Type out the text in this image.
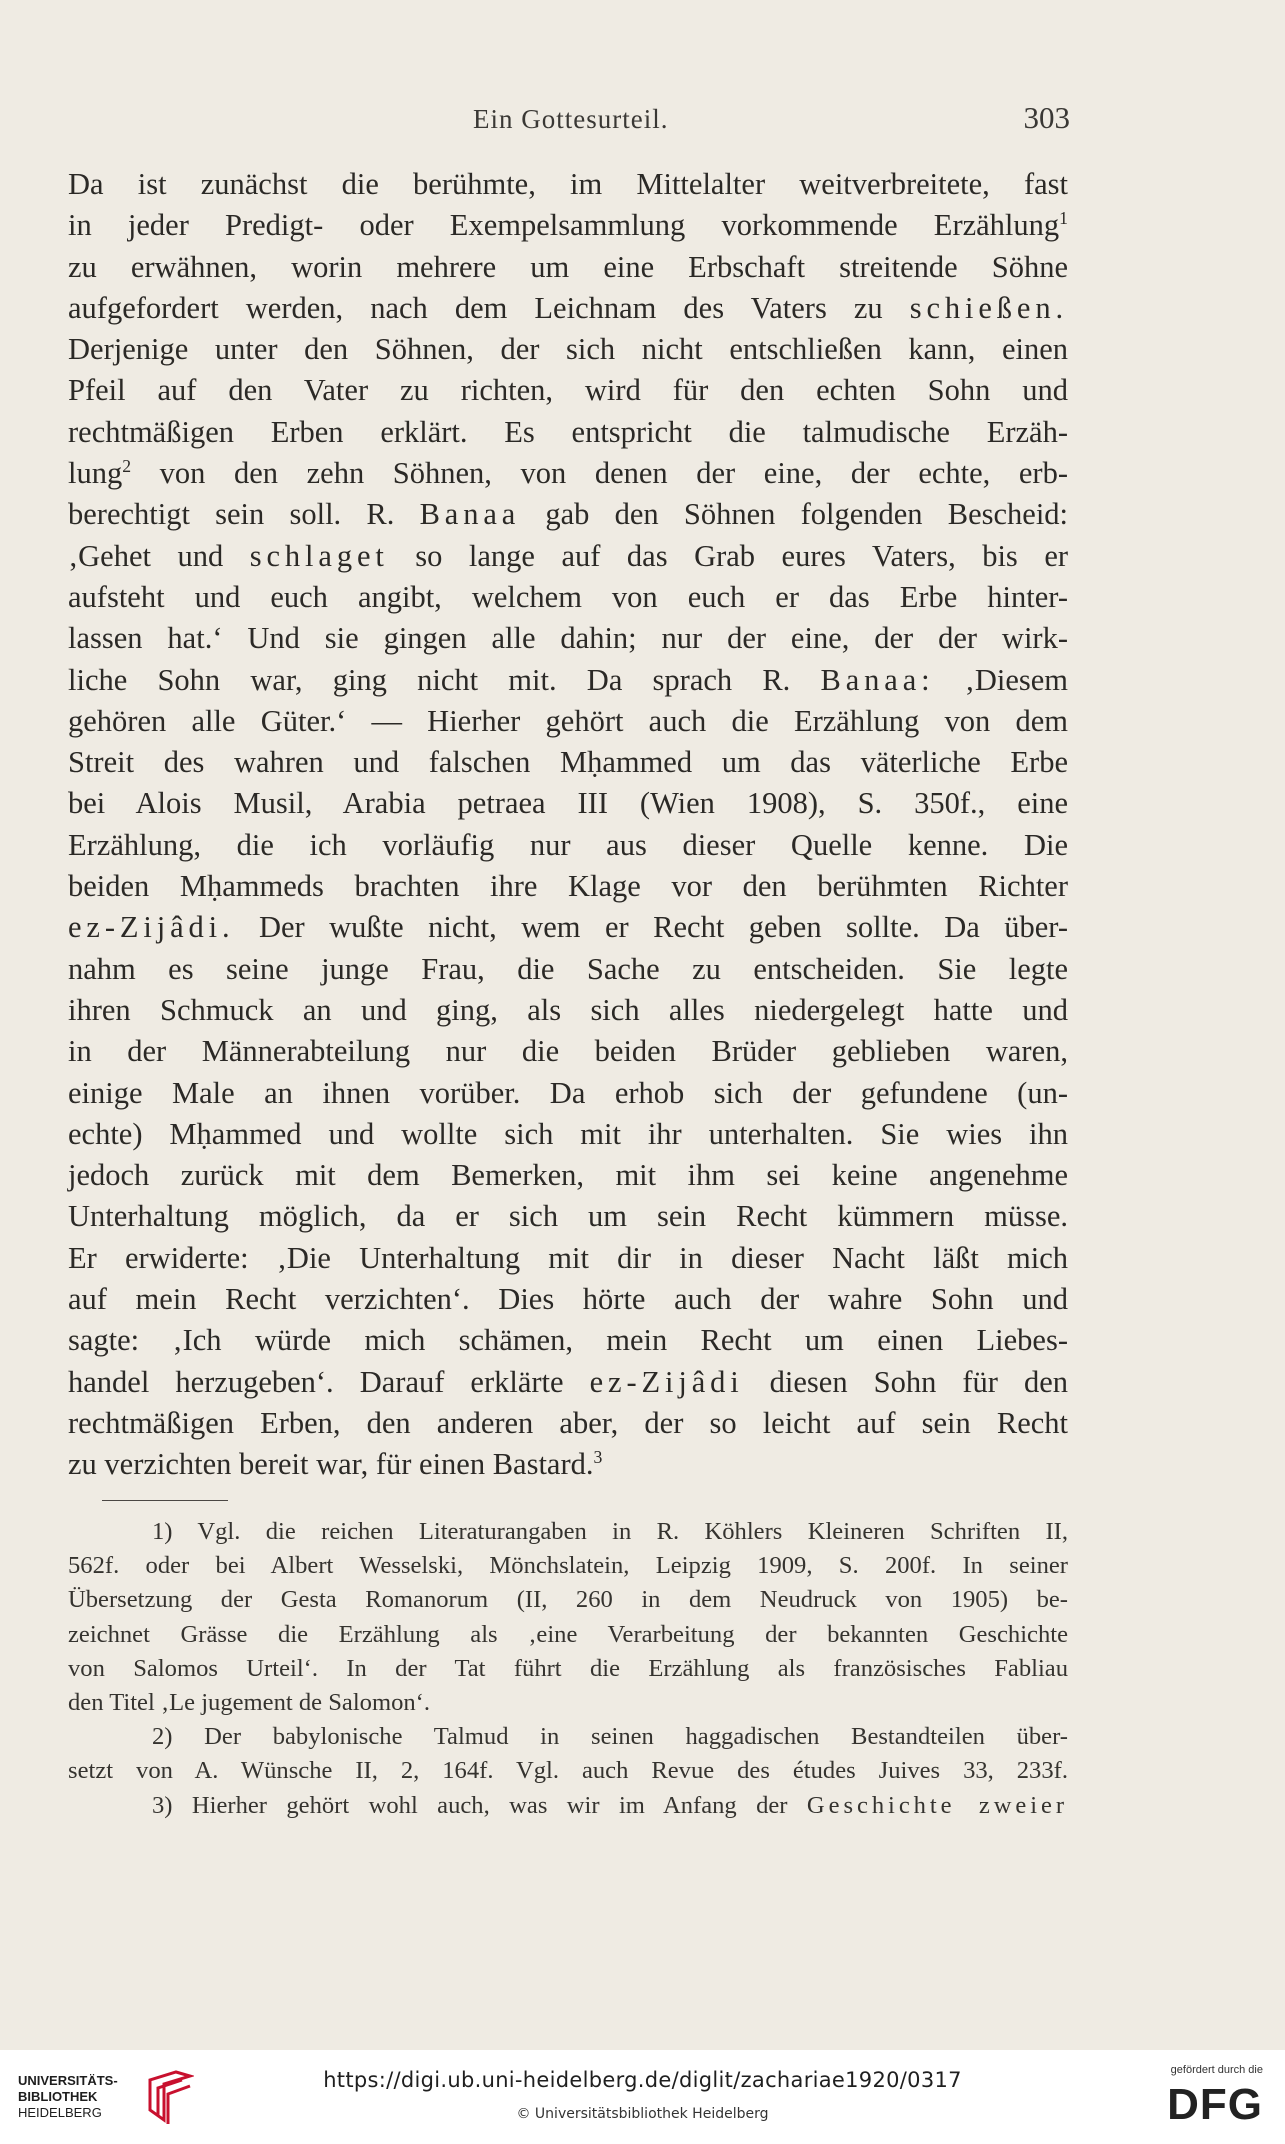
Ein Gottesurteil.	303
Da ist zunächst die berühmte, im Mittelalter weitverbreitete, fast
in jeder Predigt- oder Exempelsammlung vorkommende Erzählung$^1$
zu erwähnen, worin mehrere um eine Erbschaft streitende Söhne
aufgefordert werden, nach dem Leichnam des Vaters zu schießen.
Derjenige unter den Söhnen, der sich nicht entschließen kann, einen
Pfeil auf den Vater zu richten, wird für den echten Sohn und
rechtmäßigen Erben erklärt. Es entspricht die talmudische Erzäh-
lung$^2$ von den zehn Söhnen, von denen der eine, der echte, erb-
berechtigt sein soll. R. Banaa gab den Söhnen folgenden Bescheid:
‚Gehet und schlaget so lange auf das Grab eures Vaters, bis er
aufsteht und euch angibt, welchem von euch er das Erbe hinter-
lassen hat.‘ Und sie gingen alle dahin; nur der eine, der der wirk-
liche Sohn war, ging nicht mit. Da sprach R. Banaa: ‚Diesem
gehören alle Güter.‘ — Hierher gehört auch die Erzählung von dem
Streit des wahren und falschen Mḥammed um das väterliche Erbe
bei Alois Musil, Arabia petraea III (Wien 1908), S. 350f., eine
Erzählung, die ich vorläufig nur aus dieser Quelle kenne. Die
beiden Mḥammeds brachten ihre Klage vor den berühmten Richter
ez-Zijâdi. Der wußte nicht, wem er Recht geben sollte. Da über-
nahm es seine junge Frau, die Sache zu entscheiden. Sie legte
ihren Schmuck an und ging, als sich alles niedergelegt hatte und
in der Männerabteilung nur die beiden Brüder geblieben waren,
einige Male an ihnen vorüber. Da erhob sich der gefundene (un-
echte) Mḥammed und wollte sich mit ihr unterhalten. Sie wies ihn
jedoch zurück mit dem Bemerken, mit ihm sei keine angenehme
Unterhaltung möglich, da er sich um sein Recht kümmern müsse.
Er erwiderte: ‚Die Unterhaltung mit dir in dieser Nacht läßt mich
auf mein Recht verzichten‘. Dies hörte auch der wahre Sohn und
sagte: ‚Ich würde mich schämen, mein Recht um einen Liebes-
handel herzugeben‘. Darauf erklärte ez-Zijâdi diesen Sohn für den
rechtmäßigen Erben, den anderen aber, der so leicht auf sein Recht
zu verzichten bereit war, für einen Bastard.$^3$
1) Vgl. die reichen Literaturangaben in R. Köhlers Kleineren Schriften II,
562f. oder bei Albert Wesselski, Mönchslatein, Leipzig 1909, S. 200f. In seiner
Übersetzung der Gesta Romanorum (II, 260 in dem Neudruck von 1905) be-
zeichnet Grässe die Erzählung als ‚eine Verarbeitung der bekannten Geschichte
von Salomos Urteil‘. In der Tat führt die Erzählung als französisches Fabliau
den Titel ‚Le jugement de Salomon‘.
2) Der babylonische Talmud in seinen haggadischen Bestandteilen über-
setzt von A. Wünsche II, 2, 164f. Vgl. auch Revue des études Juives 33, 233f.
3) Hierher gehört wohl auch, was wir im Anfang der Geschichte zweier
UNIVERSITÄTS-
BIBLIOTHEK
HEIDELBERG
https://digi.ub.uni-heidelberg.de/diglit/zachariae1920/0317
© Universitätsbibliothek Heidelberg
gefördert durch die
DFG
